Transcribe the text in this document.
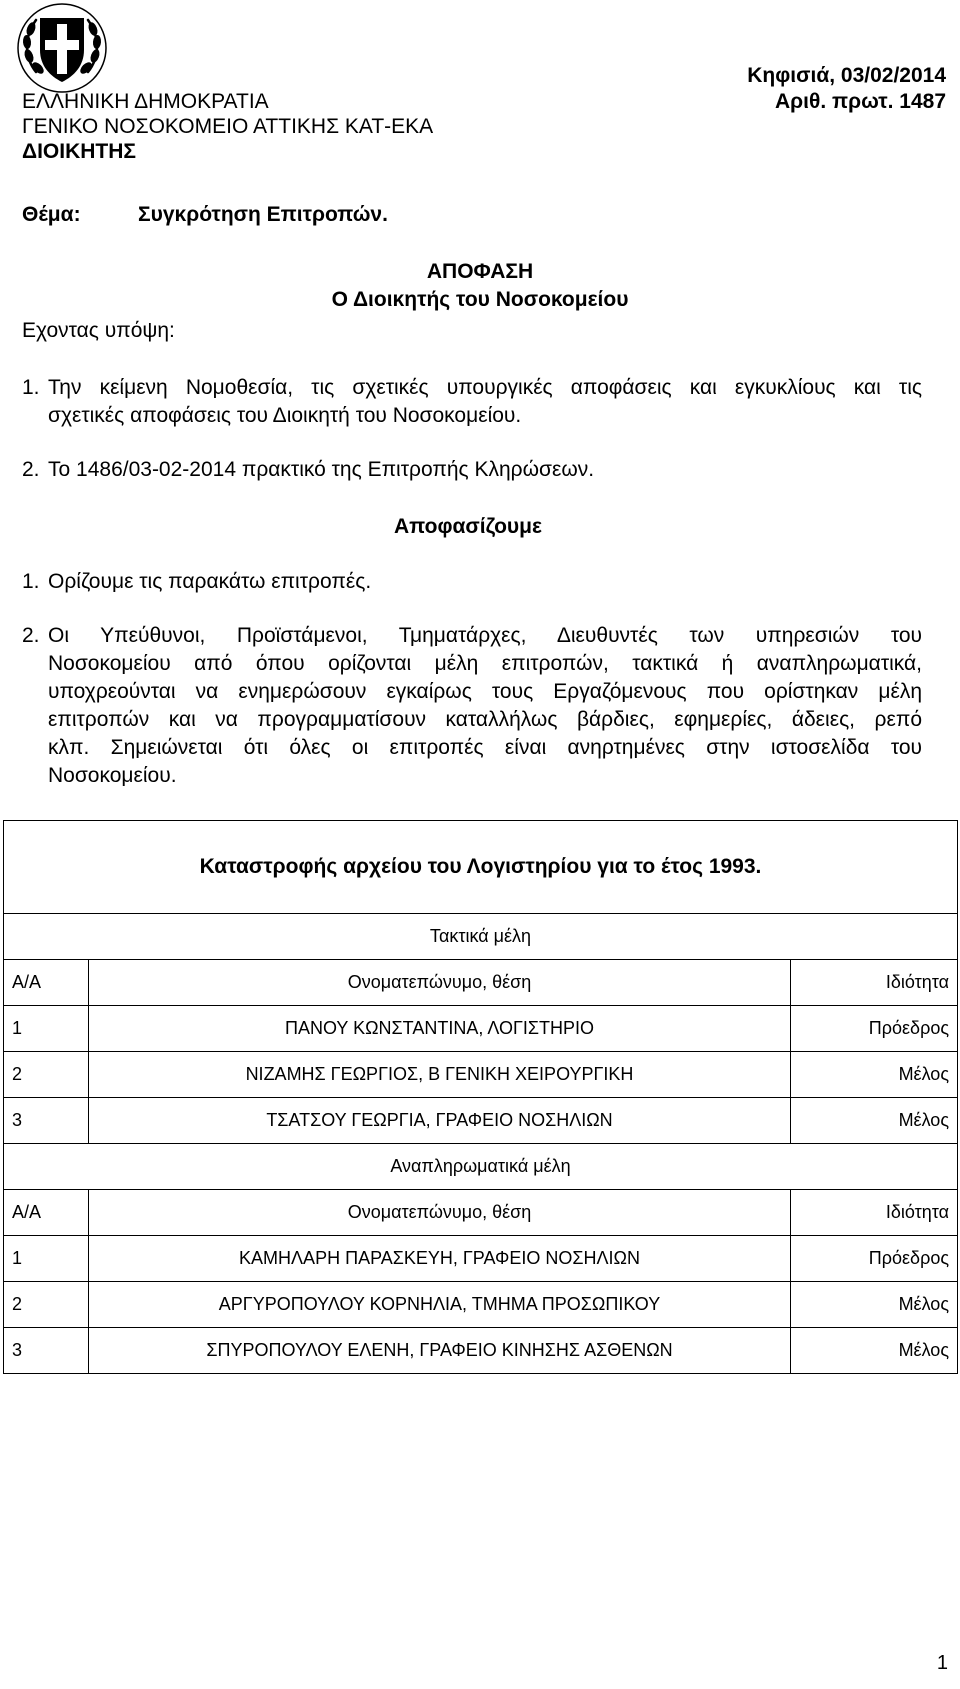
ΕΛΛΗΝΙΚΗ ΔΗΜΟΚΡΑΤΙΑ
ΓΕΝΙΚΟ ΝΟΣΟΚΟΜΕΙΟ ΑΤΤΙΚΗΣ ΚΑΤ-ΕΚΑ
ΔΙΟΙΚΗΤΗΣ
Κηφισιά, 03/02/2014
Αριθ. πρωτ. 1487
Θέμα:	Συγκρότηση Επιτροπών.
ΑΠΟΦΑΣΗ
Ο Διοικητής του Νοσοκομείου
Εχοντας υπόψη:
1. Την κείμενη Νομοθεσία, τις σχετικές υπουργικές αποφάσεις και εγκυκλίους και τις
σχετικές αποφάσεις του Διοικητή του Νοσοκομείου.
2. Το 1486/03-02-2014 πρακτικό της Επιτροπής Κληρώσεων.
Αποφασίζουμε
1. Ορίζουμε τις παρακάτω επιτροπές.
2. Οι Υπεύθυνοι, Προϊστάμενοι, Τμηματάρχες, Διευθυντές των υπηρεσιών του
Νοσοκομείου από όπου ορίζονται μέλη επιτροπών, τακτικά ή αναπληρωματικά,
υποχρεούνται να ενημερώσουν εγκαίρως τους Εργαζόμενους που ορίστηκαν μέλη
επιτροπών και να προγραμματίσουν καταλλήλως βάρδιες, εφημερίες, άδειες, ρεπό
κλπ. Σημειώνεται ότι όλες οι επιτροπές είναι ανηρτημένες στην ιστοσελίδα του
Νοσοκομείου.
Καταστροφής αρχείου του Λογιστηρίου για το έτος 1993.		
Τακτικά μέλη		
Α/Α	Ονοματεπώνυμο, θέση	Ιδιότητα
1	ΠΑΝΟΥ ΚΩΝΣΤΑΝΤΙΝΑ, ΛΟΓΙΣΤΗΡΙΟ	Πρόεδρος
2	ΝΙΖΑΜΗΣ ΓΕΩΡΓΙΟΣ, Β ΓΕΝΙΚΗ ΧΕΙΡΟΥΡΓΙΚΗ	Μέλος
3	ΤΣΑΤΣΟΥ ΓΕΩΡΓΙΑ, ΓΡΑΦΕΙΟ ΝΟΣΗΛΙΩΝ	Μέλος
Αναπληρωματικά μέλη		
Α/Α	Ονοματεπώνυμο, θέση	Ιδιότητα
1	ΚΑΜΗΛΑΡΗ ΠΑΡΑΣΚΕΥΗ, ΓΡΑΦΕΙΟ ΝΟΣΗΛΙΩΝ	Πρόεδρος
2	ΑΡΓΥΡΟΠΟΥΛΟΥ ΚΟΡΝΗΛΙΑ, ΤΜΗΜΑ ΠΡΟΣΩΠΙΚΟΥ	Μέλος
3	ΣΠΥΡΟΠΟΥΛΟΥ ΕΛΕΝΗ, ΓΡΑΦΕΙΟ ΚΙΝΗΣΗΣ ΑΣΘΕΝΩΝ	Μέλος
1
